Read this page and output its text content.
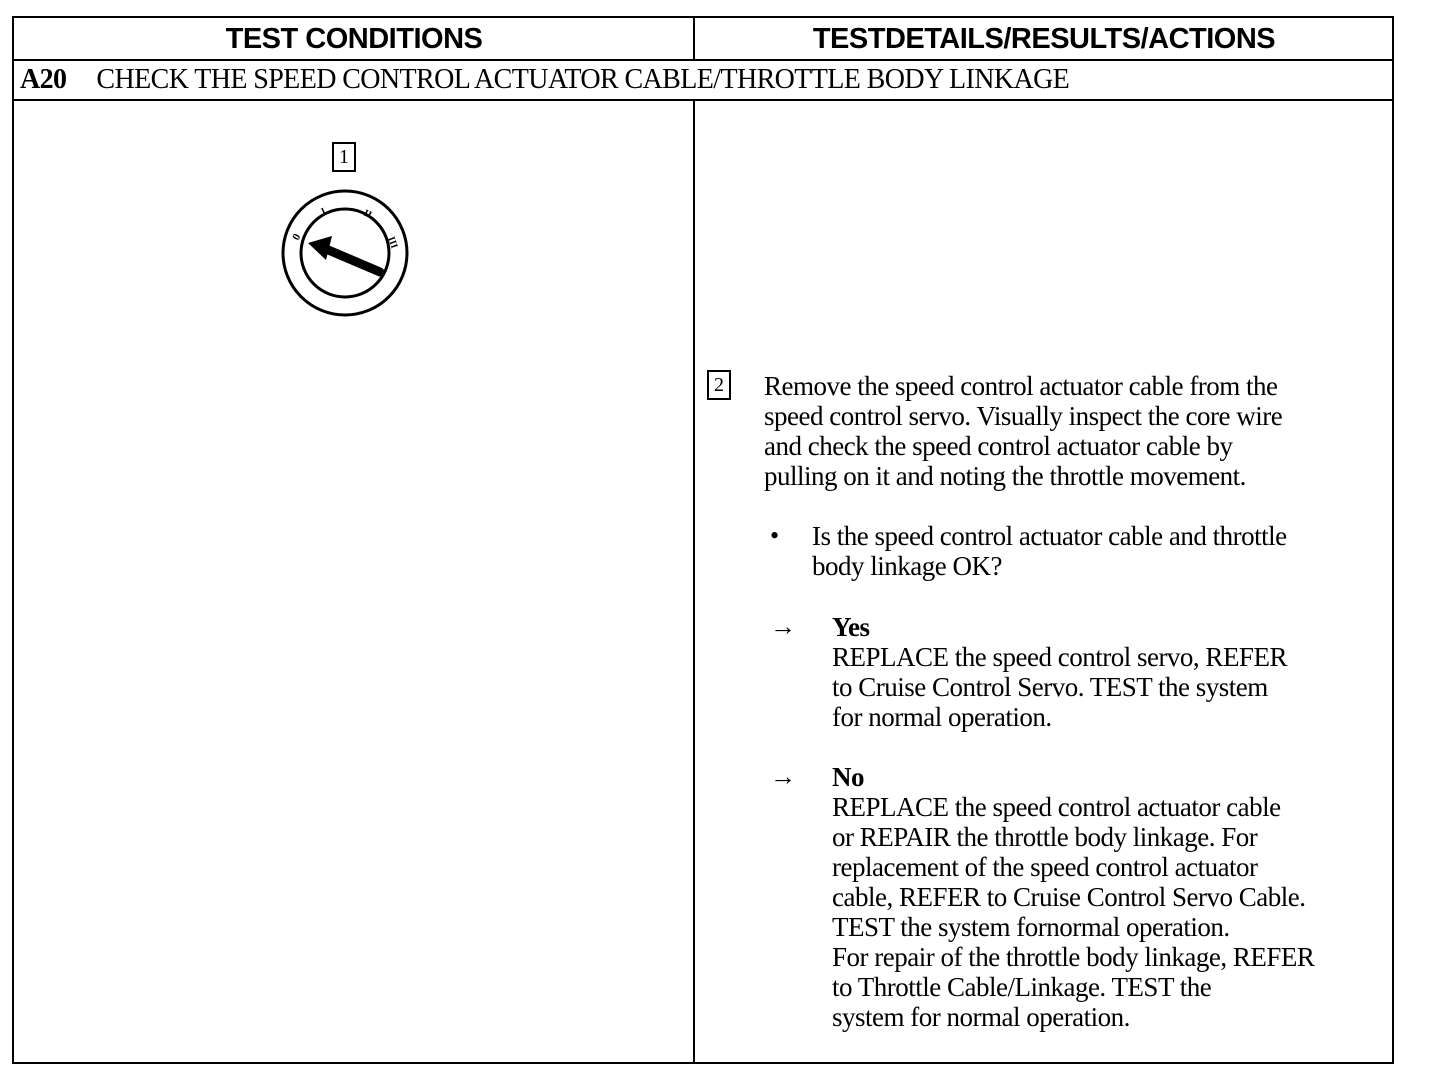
TEST CONDITIONS	TESTDETAILS/RESULTS/ACTIONS
A20 CHECK THE SPEED CONTROL ACTUATOR CABLE/THROTTLE BODY LINKAGE
1
0
I	II
III
2 Remove the speed control actuator cable from the
speed control servo. Visually inspect the core wire
and check the speed control actuator cable by
pulling on it and noting the throttle movement.
• Is the speed control actuator cable and throttle
body linkage OK?
→ Yes
REPLACE the speed control servo, REFER
to Cruise Control Servo. TEST the system
for normal operation.
→ No
REPLACE the speed control actuator cable
or REPAIR the throttle body linkage. For
replacement of the speed control actuator
cable, REFER to Cruise Control Servo Cable.
TEST the system fornormal operation.
For repair of the throttle body linkage, REFER
to Throttle Cable/Linkage. TEST the
system for normal operation.
